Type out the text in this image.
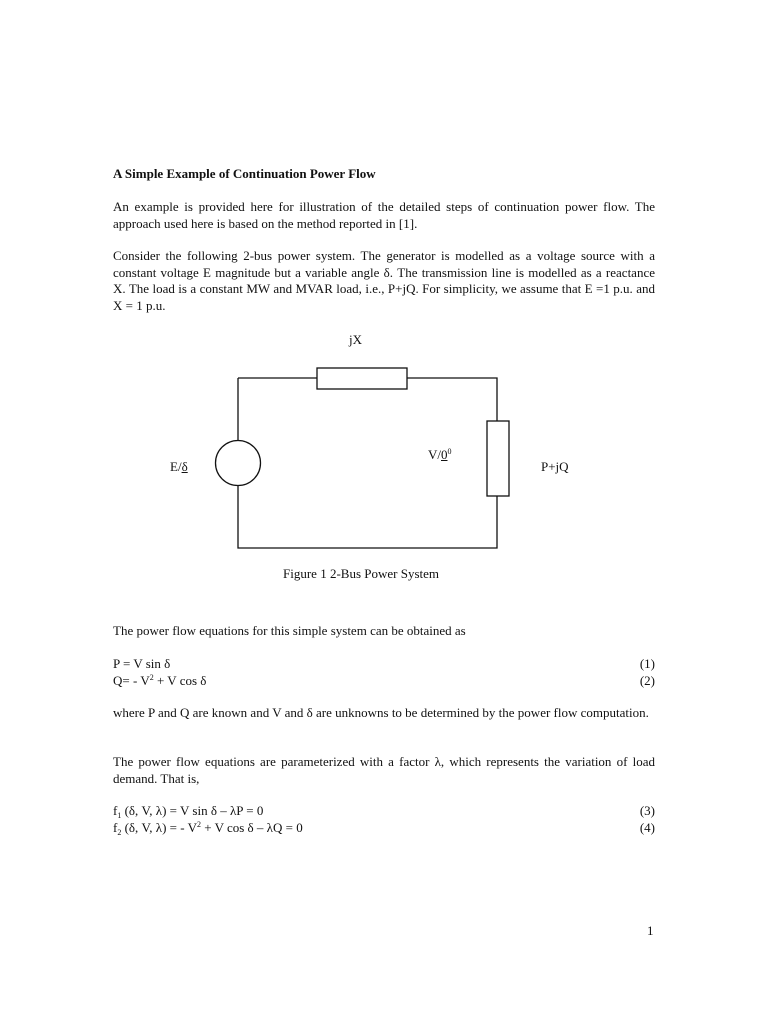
A Simple Example of Continuation Power Flow
An example is provided here for illustration of the detailed steps of continuation power flow. The approach used here is based on the method reported in [1].
Consider the following 2-bus power system. The generator is modelled as a voltage source with a constant voltage E magnitude but a variable angle δ. The transmission line is modelled as a reactance X. The load is a constant MW and MVAR load, i.e., P+jQ. For simplicity, we assume that E =1 p.u. and X = 1 p.u.
jX
E/δ
$V/0^0$
P+jQ
Figure 1 2-Bus Power System
The power flow equations for this simple system can be obtained as
P = V sin δ	(1)
$Q= - V^2 + V$ cos δ	(2)
where P and Q are known and V and δ are unknowns to be determined by the power flow computation.
The power flow equations are parameterized with a factor λ, which represents the variation of load demand. That is,
$f_1$ (δ, V, λ) = V sin δ – λP = 0	(3)
$f_2$ (δ, V, λ) = - $V^2 + V$ cos δ – λQ = 0	(4)
1
